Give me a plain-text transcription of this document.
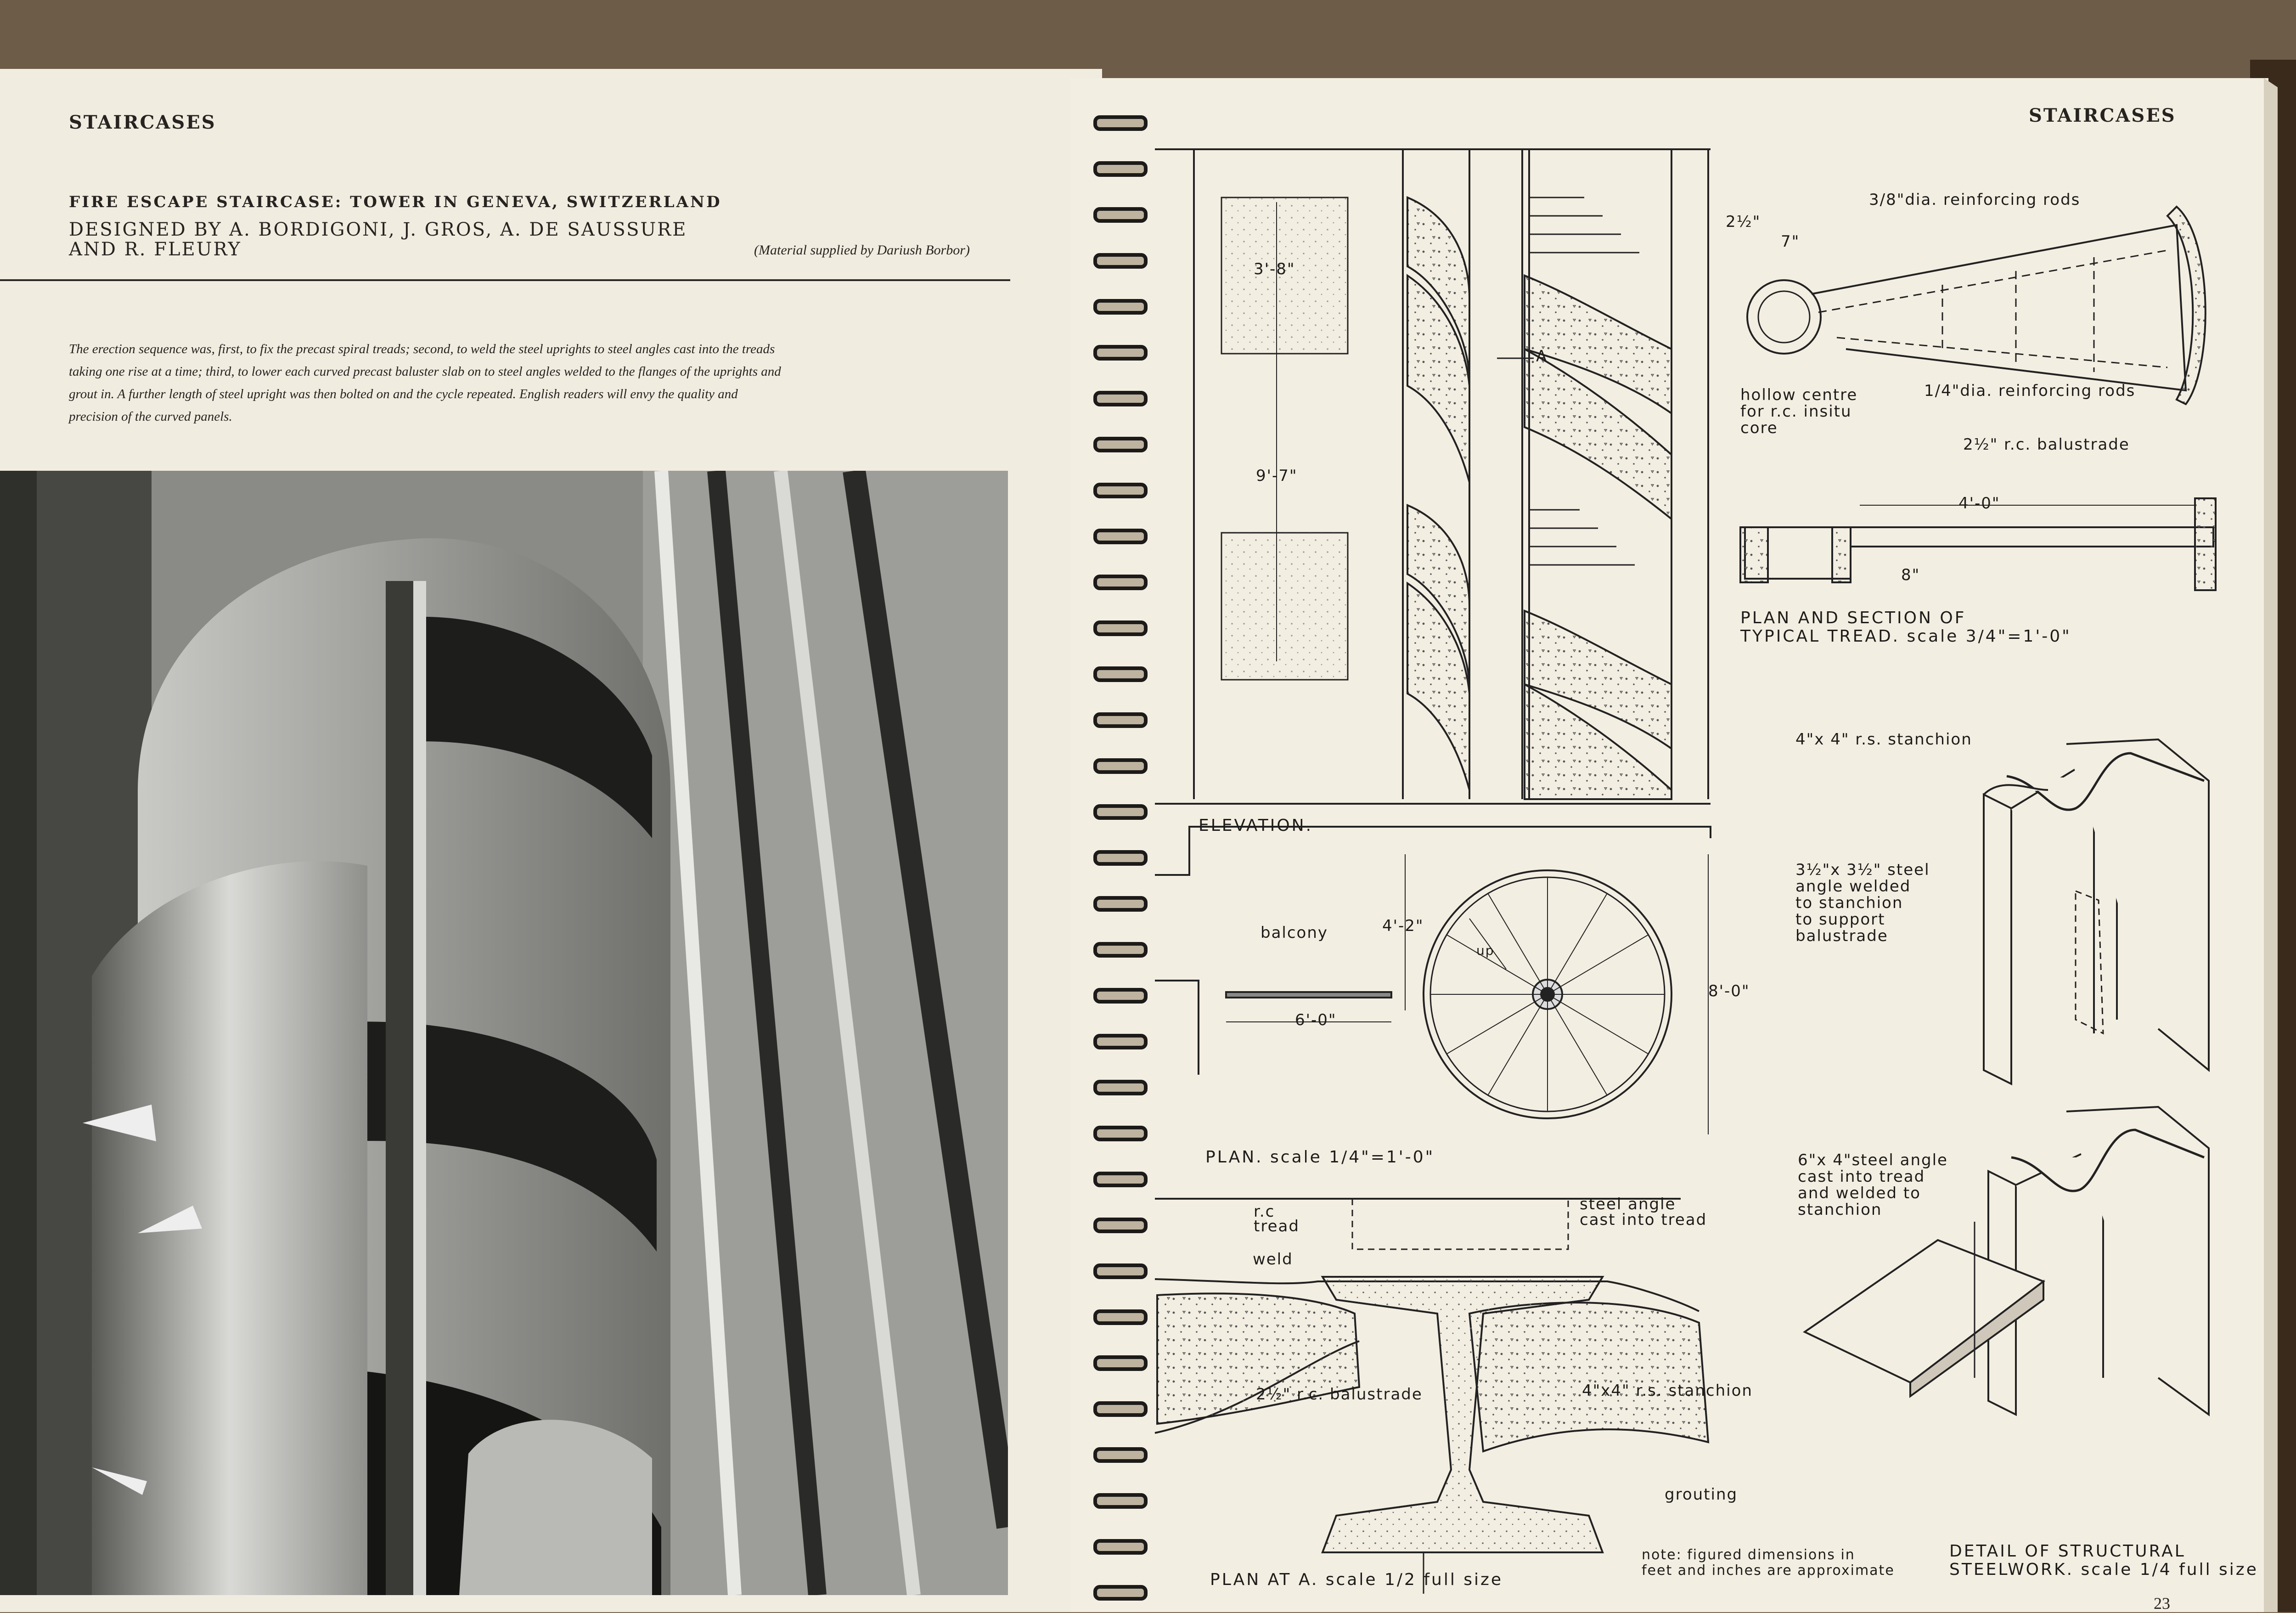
STAIRCASES
FIRE ESCAPE STAIRCASE: TOWER IN GENEVA, SWITZERLAND
DESIGNED BY A. BORDIGONI, J. GROS, A. DE SAUSSURE
AND R. FLEURY	(Material supplied by Dariush Borbor)
The erection sequence was, first, to fix the precast spiral treads; second, to weld the steel uprights to steel angles cast into the treads taking one rise at a time; third, to lower each curved precast baluster slab on to steel angles welded to the flanges of the uprights and grout in. A further length of steel upright was then bolted on and the cycle repeated. English readers will envy the quality and precision of the curved panels.
STAIRCASES
23
3'-8"
9'-7"
A
ELEVATION.
balcony	4'-2"
up
6'-0"
8'-0"
PLAN. scale 1/4"=1'-0"
2½"
7"
3/8"dia. reinforcing rods
hollow centre
for r.c. insitu
core
1/4"dia. reinforcing rods
2½" r.c. balustrade
4'-0"
8"
PLAN AND SECTION OF
TYPICAL TREAD. scale 3/4"=1'-0"
4"x 4" r.s. stanchion
3½"x 3½" steel
angle welded
to stanchion
to support
balustrade
6"x 4"steel angle
cast into tread
and welded to
stanchion
DETAIL OF STRUCTURAL
STEELWORK. scale 1/4 full size
r.c
tread
steel angle
cast into tread
weld
2½" r.c. balustrade	4"x4" r.s. stanchion
grouting
note: figured dimensions in
feet and inches are approximate
PLAN AT A. scale 1/2 full size
